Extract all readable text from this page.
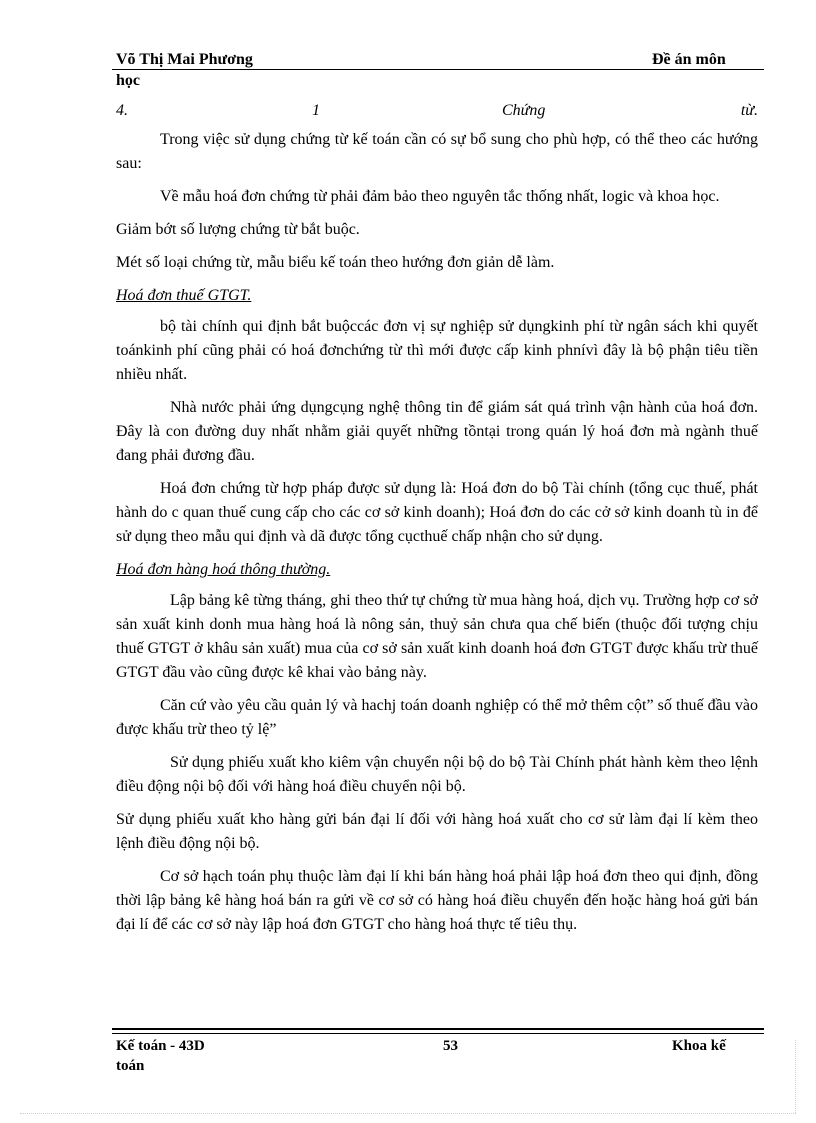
Võ Thị Mai Phương	Đề án môn
học
4.	1	Chứng	từ.

Trong việc sử dụng chứng từ kế toán cần có sự bổ sung cho phù hợp, có thể theo các hướng sau:

Về mẫu hoá đơn chứng từ phải đảm bảo theo nguyên tắc thống nhất, logic và khoa học.

Giảm bớt số lượng chứng từ bắt buộc.

Mét số loại chứng từ, mẫu biểu kế toán theo hướng đơn giản dễ làm.

Hoá đơn thuế GTGT.

bộ tài chính qui định bắt buộccác đơn vị sự nghiệp sử dụngkinh phí từ ngân sách khi quyết toánkinh phí cũng phải có hoá đơnchứng từ thì mới được cấp kinh phnívì đây là bộ phận tiêu tiền nhiều nhất.

Nhà nước phải ứng dụngcụng nghệ thông tin để giám sát quá trình vận hành của hoá đơn. Đây là con đường duy nhất nhằm giải quyết những tồntại trong quán lý hoá đơn mà ngành thuế đang phải đương đầu.

Hoá đơn chứng từ hợp pháp được sử dụng là: Hoá đơn do bộ Tài chính (tổng cục thuế, phát hành do c quan thuế cung cấp cho các cơ sở kinh doanh); Hoá đơn do các cở sở kinh doanh tù in để sử dụng theo mẫu qui định và dã được tổng cụcthuế chấp nhận cho sử dụng.

Hoá đơn hàng hoá thông thường.

Lập bảng kê từng tháng, ghi theo thứ tự chứng từ mua hàng hoá, dịch vụ. Trường hợp cơ sở sản xuất kinh donh mua hàng hoá là nông sản, thuỷ sản chưa qua chế biến (thuộc đối tượng chịu thuế GTGT ở khâu sản xuất) mua của cơ sở sản xuất kinh doanh hoá đơn GTGT được khấu trừ thuế GTGT đầu vào cũng được kê khai vào bảng này.

Căn cứ vào yêu cầu quản lý và hachj toán doanh nghiệp có thể mở thêm cột” số thuế đầu vào được khấu trừ theo tỷ lệ”

Sử dụng phiếu xuất kho kiêm vận chuyển nội bộ do bộ Tài Chính phát hành kèm theo lệnh điều động nội bộ đối với hàng hoá điều chuyển nội bộ.

Sử dụng phiếu xuất kho hàng gửi bán đại lí đối với hàng hoá xuất cho cơ sử làm đại lí kèm theo lệnh điều động nội bộ.

Cơ sở hạch toán phụ thuộc làm đại lí khi bán hàng hoá phải lập hoá đơn theo qui định, đồng thời lập bảng kê hàng hoá bán ra gửi về cơ sở có hàng hoá điều chuyển đến hoặc hàng hoá gửi bán đại lí để các cơ sở này lập hoá đơn GTGT cho hàng hoá thực tế tiêu thụ.

Kế toán - 43D
toán
53	Khoa kế
